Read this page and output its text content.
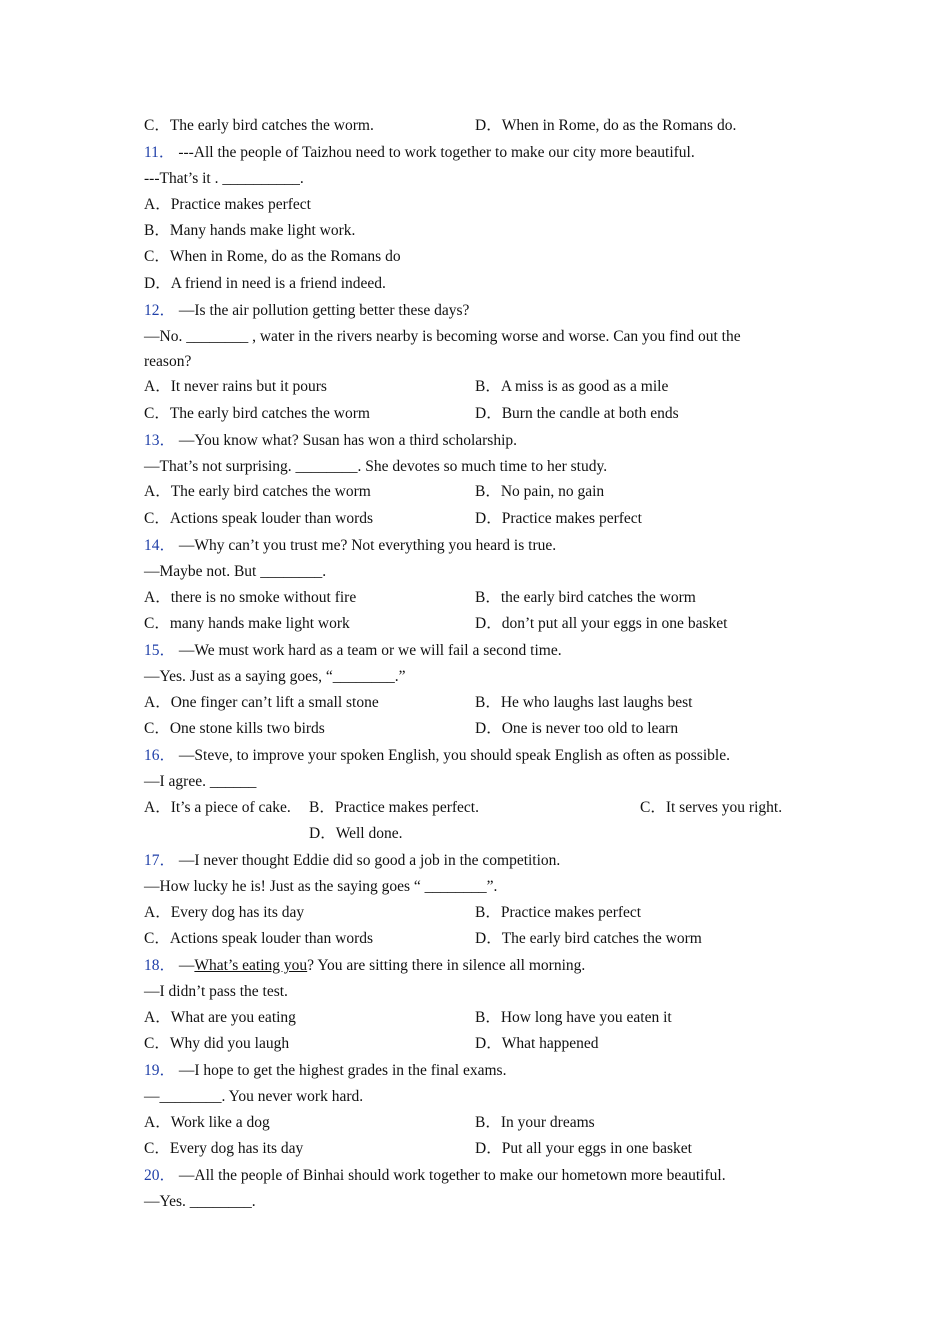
C．The early bird catches the worm.	D．When in Rome, do as the Romans do.
11． ---All the people of Taizhou need to work together to make our city more beautiful.
---That’s it . __________.
A．Practice makes perfect
B．Many hands make light work.
C．When in Rome, do as the Romans do
D．A friend in need is a friend indeed.
12． —Is the air pollution getting better these days?
—No. ________ , water in the rivers nearby is becoming worse and worse. Can you find out the
reason?
A．It never rains but it pours	B．A miss is as good as a mile
C．The early bird catches the worm	D．Burn the candle at both ends
13． —You know what? Susan has won a third scholarship.
—That’s not surprising. ________. She devotes so much time to her study.
A．The early bird catches the worm	B．No pain, no gain
C．Actions speak louder than words	D．Practice makes perfect
14． —Why can’t you trust me? Not everything you heard is true.
—Maybe not. But ________.
A．there is no smoke without fire	B．the early bird catches the worm
C．many hands make light work	D．don’t put all your eggs in one basket
15． —We must work hard as a team or we will fail a second time.
—Yes. Just as a saying goes, “________.”
A．One finger can’t lift a small stone	B．He who laughs last laughs best
C．One stone kills two birds	D．One is never too old to learn
16． —Steve, to improve your spoken English, you should speak English as often as possible.
—I agree. ______
A．It’s a piece of cake. B．Practice makes perfect.	C．It serves you right.
D．Well done.
17． —I never thought Eddie did so good a job in the competition.
—How lucky he is! Just as the saying goes “ ________”.
A．Every dog has its day	B．Practice makes perfect
C．Actions speak louder than words	D．The early bird catches the worm
18． —What’s eating you? You are sitting there in silence all morning.
—I didn’t pass the test.
A．What are you eating	B．How long have you eaten it
C．Why did you laugh	D．What happened
19． —I hope to get the highest grades in the final exams.
—________. You never work hard.
A．Work like a dog	B．In your dreams
C．Every dog has its day	D．Put all your eggs in one basket
20． —All the people of Binhai should work together to make our hometown more beautiful.
—Yes. ________.
